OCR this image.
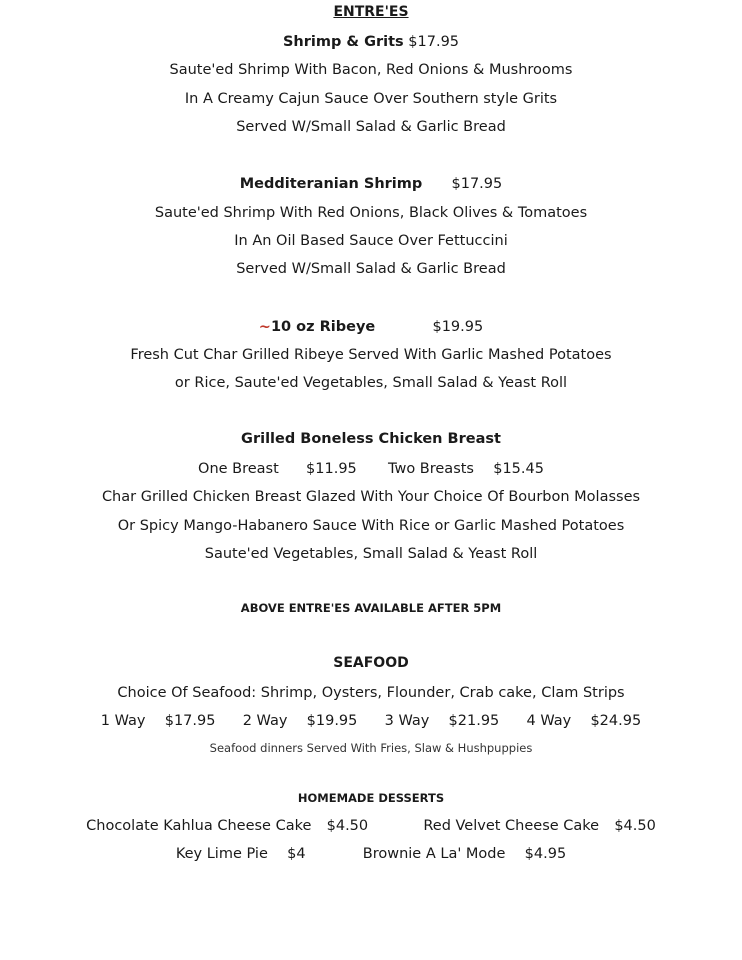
ENTRE'ES
Shrimp & Grits $17.95
Saute'ed Shrimp With Bacon, Red Onions & Mushrooms
In A Creamy Cajun Sauce Over Southern style Grits
Served W/Small Salad & Garlic Bread
Medditeranian Shrimp $17.95
Saute'ed Shrimp With Red Onions, Black Olives & Tomatoes
In An Oil Based Sauce Over Fettuccini
Served W/Small Salad & Garlic Bread
~10 oz Ribeye	$19.95
Fresh Cut Char Grilled Ribeye Served With Garlic Mashed Potatoes
or Rice, Saute'ed Vegetables, Small Salad & Yeast Roll
Grilled Boneless Chicken Breast
One Breast $11.95 Two Breasts $15.45
Char Grilled Chicken Breast Glazed With Your Choice Of Bourbon Molasses
Or Spicy Mango-Habanero Sauce With Rice or Garlic Mashed Potatoes
Saute'ed Vegetables, Small Salad & Yeast Roll
ABOVE ENTRE'ES AVAILABLE AFTER 5PM
SEAFOOD
Choice Of Seafood: Shrimp, Oysters, Flounder, Crab cake, Clam Strips
1 Way $17.95 2 Way $19.95 3 Way $21.95 4 Way $24.95
Seafood dinners Served With Fries, Slaw & Hushpuppies
HOMEMADE DESSERTS
Chocolate Kahlua Cheese Cake $4.50	Red Velvet Cheese Cake $4.50
Key Lime Pie $4	Brownie A La' Mode $4.95
